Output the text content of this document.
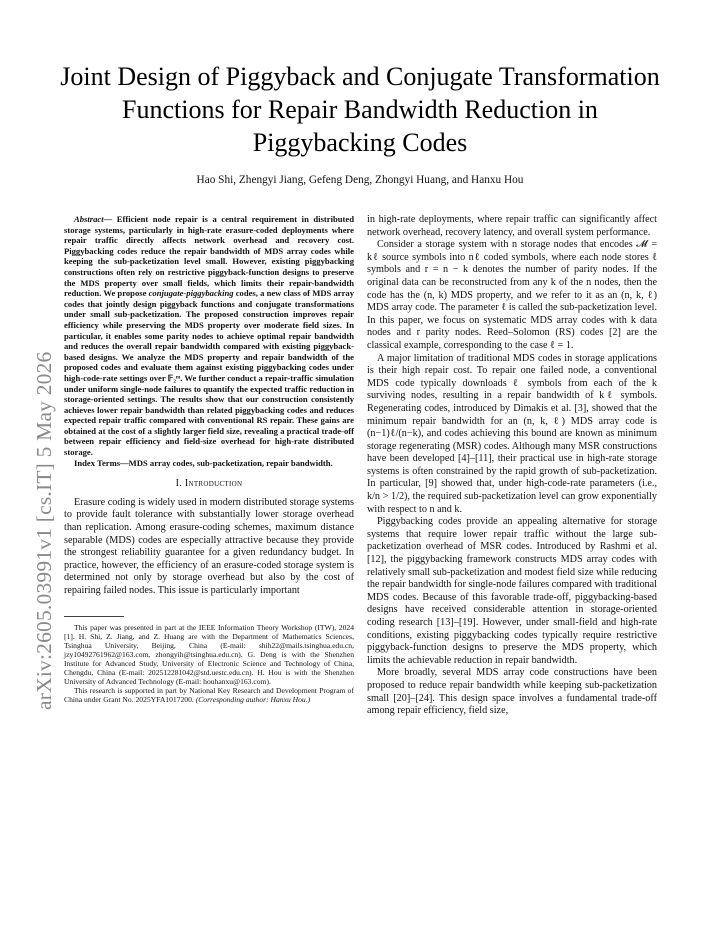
arXiv:2605.03991v1 [cs.IT] 5 May 2026
Joint Design of Piggyback and Conjugate Transformation Functions for Repair Bandwidth Reduction in Piggybacking Codes
Hao Shi, Zhengyi Jiang, Gefeng Deng, Zhongyi Huang, and Hanxu Hou

Abstract— Efficient node repair is a central requirement in distributed storage systems, particularly in high-rate erasure-coded deployments where repair traffic directly affects network overhead and recovery cost. Piggybacking codes reduce the repair bandwidth of MDS array codes while keeping the sub-packetization level small. However, existing piggybacking constructions often rely on restrictive piggyback-function designs to preserve the MDS property over small fields, which limits their repair-bandwidth reduction. We propose conjugate-piggybacking codes, a new class of MDS array codes that jointly design piggyback functions and conjugate transformations under small sub-packetization. The proposed construction improves repair efficiency while preserving the MDS property over moderate field sizes. In particular, it enables some parity nodes to achieve optimal repair bandwidth and reduces the overall repair bandwidth compared with existing piggyback-based designs. We analyze the MDS property and repair bandwidth of the proposed codes and evaluate them against existing piggybacking codes under high-code-rate settings over 𝔽₂ᵐ. We further conduct a repair-traffic simulation under uniform single-node failures to quantify the expected traffic reduction in storage-oriented settings. The results show that our construction consistently achieves lower repair bandwidth than related piggybacking codes and reduces expected repair traffic compared with conventional RS repair. These gains are obtained at the cost of a slightly larger field size, revealing a practical trade-off between repair efficiency and field-size overhead for high-rate distributed storage.

Index Terms—MDS array codes, sub-packetization, repair bandwidth.
I. Introduction

Erasure coding is widely used in modern distributed storage systems to provide fault tolerance with substantially lower storage overhead than replication. Among erasure-coding schemes, maximum distance separable (MDS) codes are especially attractive because they provide the strongest reliability guarantee for a given redundancy budget. In practice, however, the efficiency of an erasure-coded storage system is determined not only by storage overhead but also by the cost of repairing failed nodes. This issue is particularly important

This paper was presented in part at the IEEE Information Theory Workshop (ITW), 2024 [1]. H. Shi, Z. Jiang, and Z. Huang are with the Department of Mathematics Sciences, Tsinghua University, Beijing, China (E-mail: shih22@mails.tsinghua.edu.cn, jzy10492761962@163.com, zhongyih@tsinghua.edu.cn). G. Deng is with the Shenzhen Institute for Advanced Study, University of Electronic Science and Technology of China, Chengdu, China (E-mail: 202512281042@std.uestc.edu.cn). H. Hou is with the Shenzhen University of Advanced Technology (E-mail: houhanxu@163.com).

This research is supported in part by National Key Research and Development Program of China under Grant No. 2025YFA1017200. (Corresponding author: Hanxu Hou.)

in high-rate deployments, where repair traffic can significantly affect network overhead, recovery latency, and overall system performance.

Consider a storage system with n storage nodes that encodes 𝓜 = kℓ source symbols into nℓ coded symbols, where each node stores ℓ symbols and r = n − k denotes the number of parity nodes. If the original data can be reconstructed from any k of the n nodes, then the code has the (n, k) MDS property, and we refer to it as an (n, k, ℓ) MDS array code. The parameter ℓ is called the sub-packetization level. In this paper, we focus on systematic MDS array codes with k data nodes and r parity nodes. Reed–Solomon (RS) codes [2] are the classical example, corresponding to the case ℓ = 1.

A major limitation of traditional MDS codes in storage applications is their high repair cost. To repair one failed node, a conventional MDS code typically downloads ℓ symbols from each of the k surviving nodes, resulting in a repair bandwidth of kℓ symbols. Regenerating codes, introduced by Dimakis et al. [3], showed that the minimum repair bandwidth for an (n, k, ℓ) MDS array code is (n−1)ℓ/(n−k), and codes achieving this bound are known as minimum storage regenerating (MSR) codes. Although many MSR constructions have been developed [4]–[11], their practical use in high-rate storage systems is often constrained by the rapid growth of sub-packetization. In particular, [9] showed that, under high-code-rate parameters (i.e., k/n > 1/2), the required sub-packetization level can grow exponentially with respect to n and k.

Piggybacking codes provide an appealing alternative for storage systems that require lower repair traffic without the large sub-packetization overhead of MSR codes. Introduced by Rashmi et al. [12], the piggybacking framework constructs MDS array codes with relatively small sub-packetization and modest field size while reducing the repair bandwidth for single-node failures compared with traditional MDS codes. Because of this favorable trade-off, piggybacking-based designs have received considerable attention in storage-oriented coding research [13]–[19]. However, under small-field and high-rate conditions, existing piggybacking codes typically require restrictive piggyback-function designs to preserve the MDS property, which limits the achievable reduction in repair bandwidth.

More broadly, several MDS array code constructions have been proposed to reduce repair bandwidth while keeping sub-packetization small [20]–[24]. This design space involves a fundamental trade-off among repair efficiency, field size,
